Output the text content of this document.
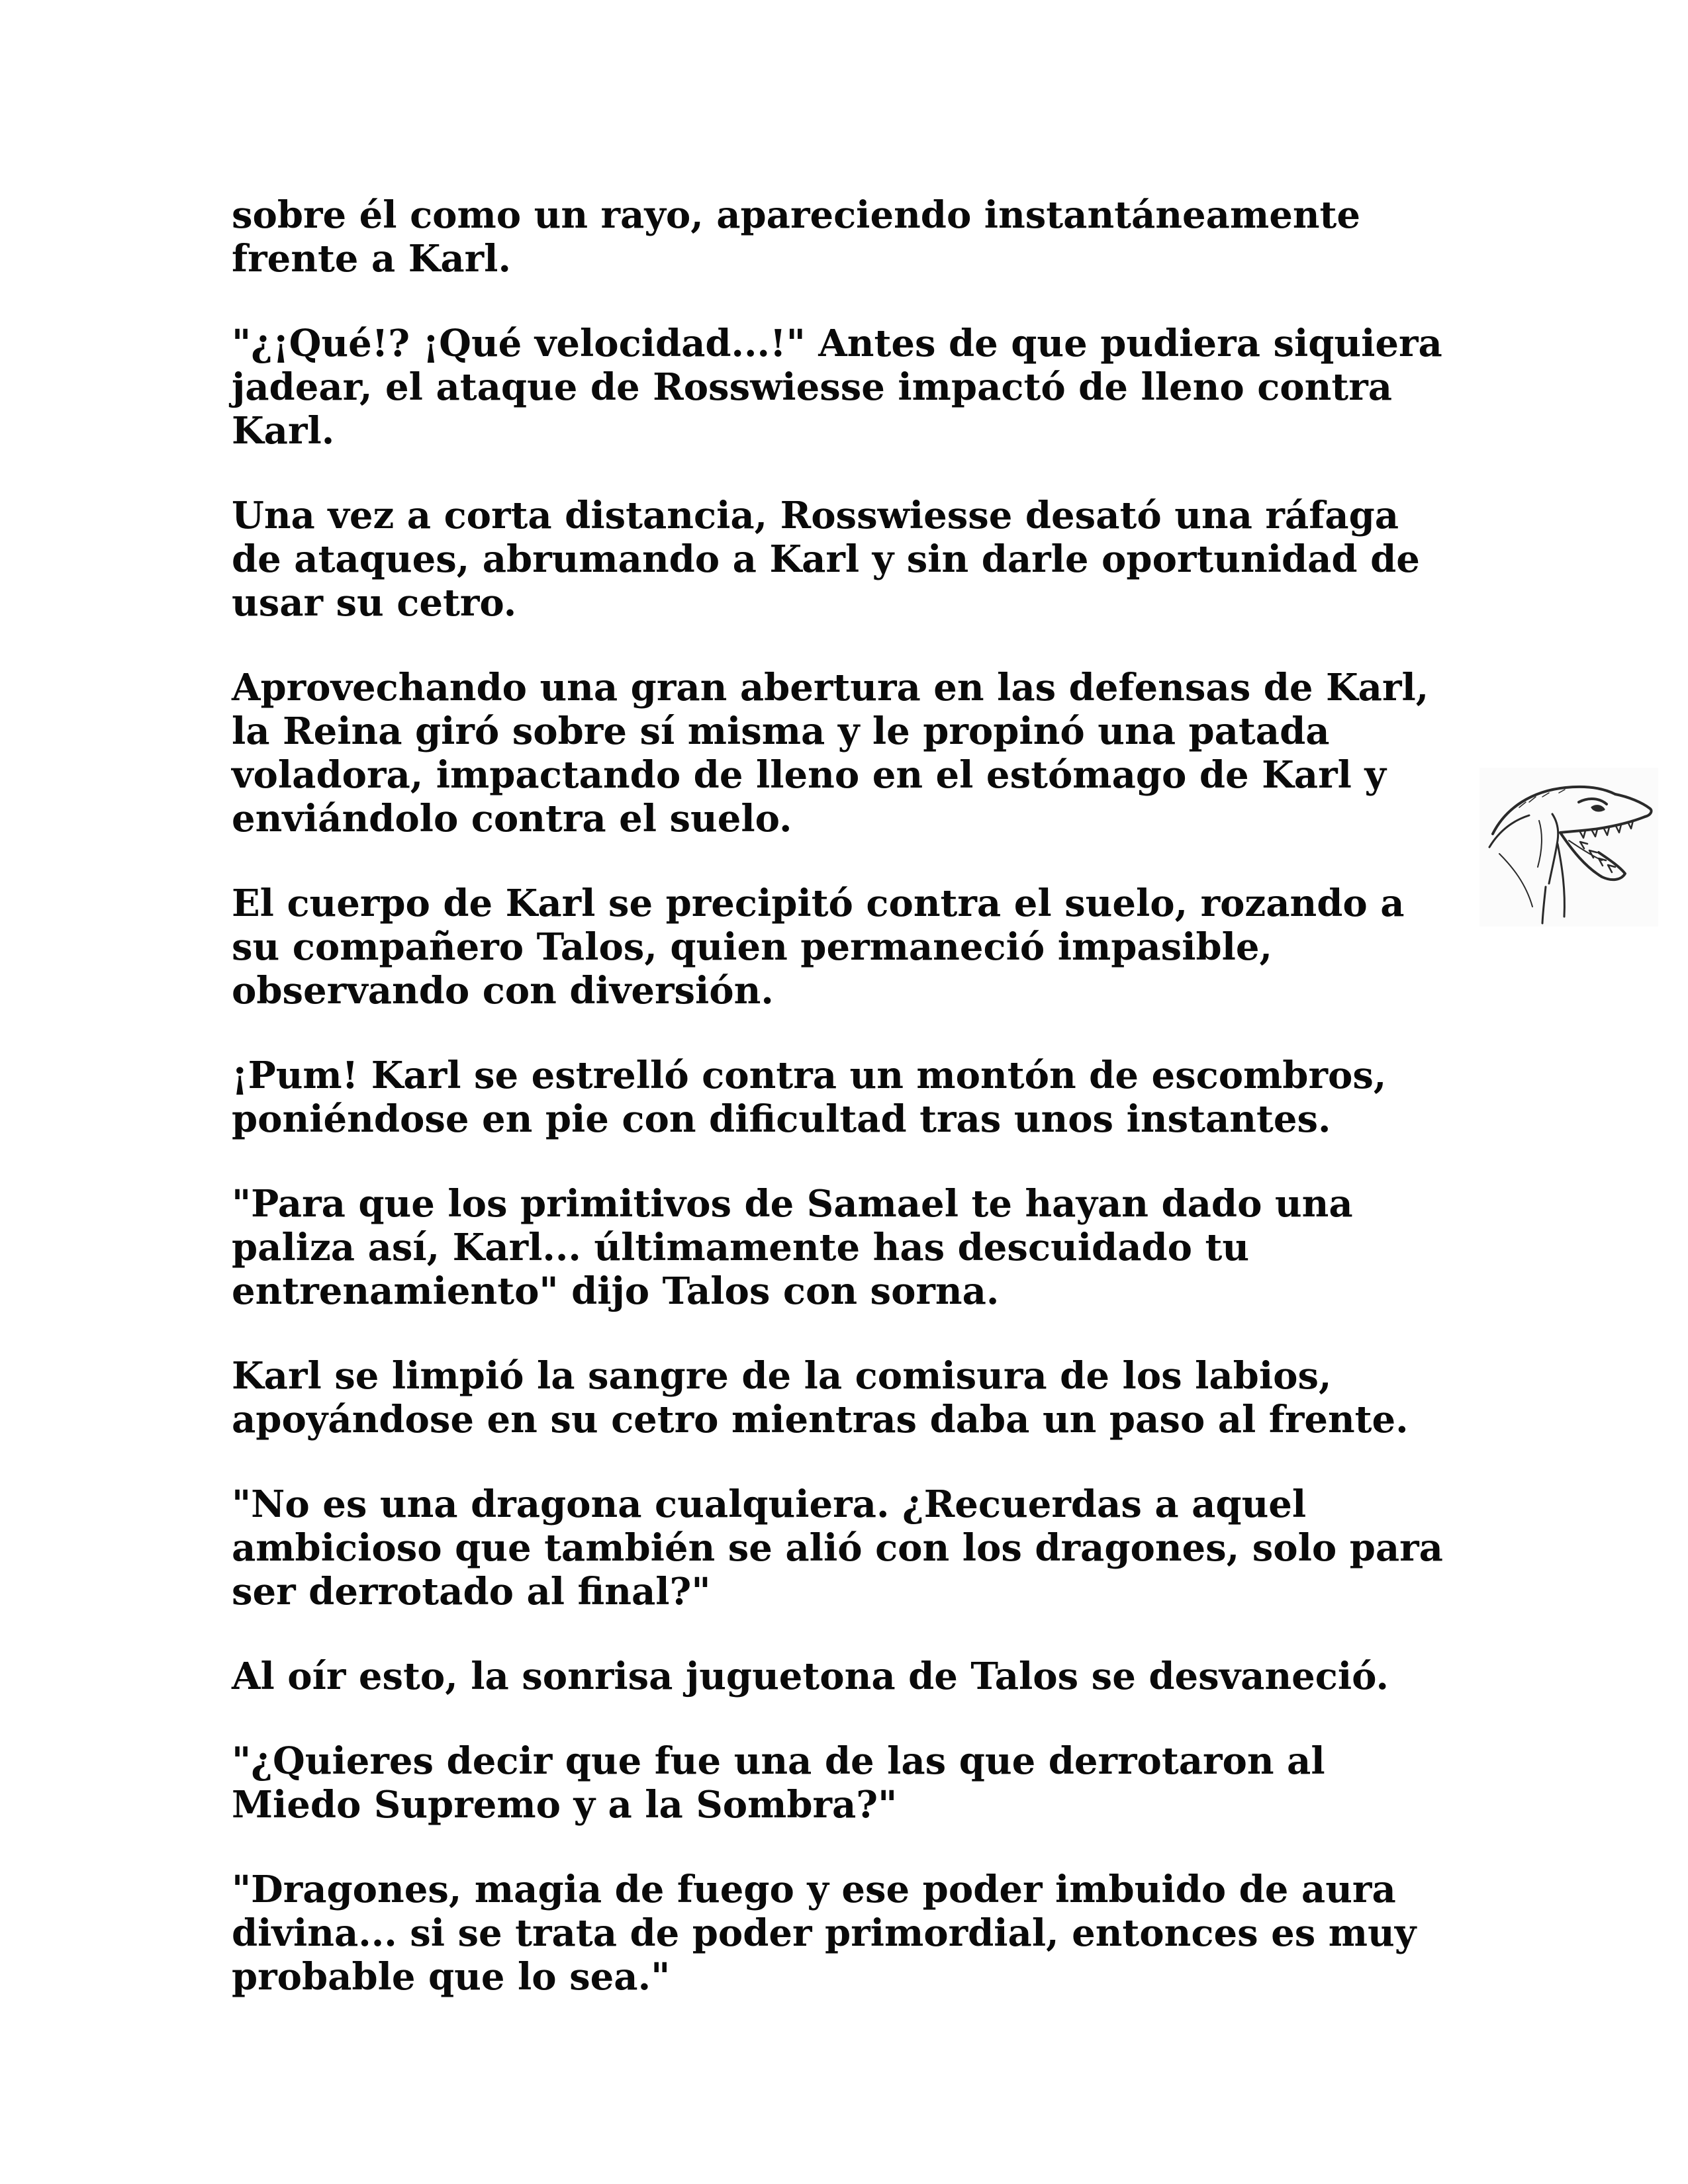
sobre él como un rayo, apareciendo instantáneamente frente a Karl.

"¿¡Qué!? ¡Qué velocidad...!" Antes de que pudiera siquiera jadear, el ataque de Rosswiesse impactó de lleno contra Karl.

Una vez a corta distancia, Rosswiesse desató una ráfaga de ataques, abrumando a Karl y sin darle oportunidad de usar su cetro.

Aprovechando una gran abertura en las defensas de Karl, la Reina giró sobre sí misma y le propinó una patada voladora, impactando de lleno en el estómago de Karl y enviándolo contra el suelo.

El cuerpo de Karl se precipitó contra el suelo, rozando a su compañero Talos, quien permaneció impasible, observando con diversión.

¡Pum! Karl se estrelló contra un montón de escombros, poniéndose en pie con dificultad tras unos instantes.

"Para que los primitivos de Samael te hayan dado una paliza así, Karl... últimamente has descuidado tu entrenamiento" dijo Talos con sorna.

Karl se limpió la sangre de la comisura de los labios, apoyándose en su cetro mientras daba un paso al frente.

"No es una dragona cualquiera. ¿Recuerdas a aquel ambicioso que también se alió con los dragones, solo para ser derrotado al final?"

Al oír esto, la sonrisa juguetona de Talos se desvaneció.

"¿Quieres decir que fue una de las que derrotaron al Miedo Supremo y a la Sombra?"

"Dragones, magia de fuego y ese poder imbuido de aura divina... si se trata de poder primordial, entonces es muy probable que lo sea."
